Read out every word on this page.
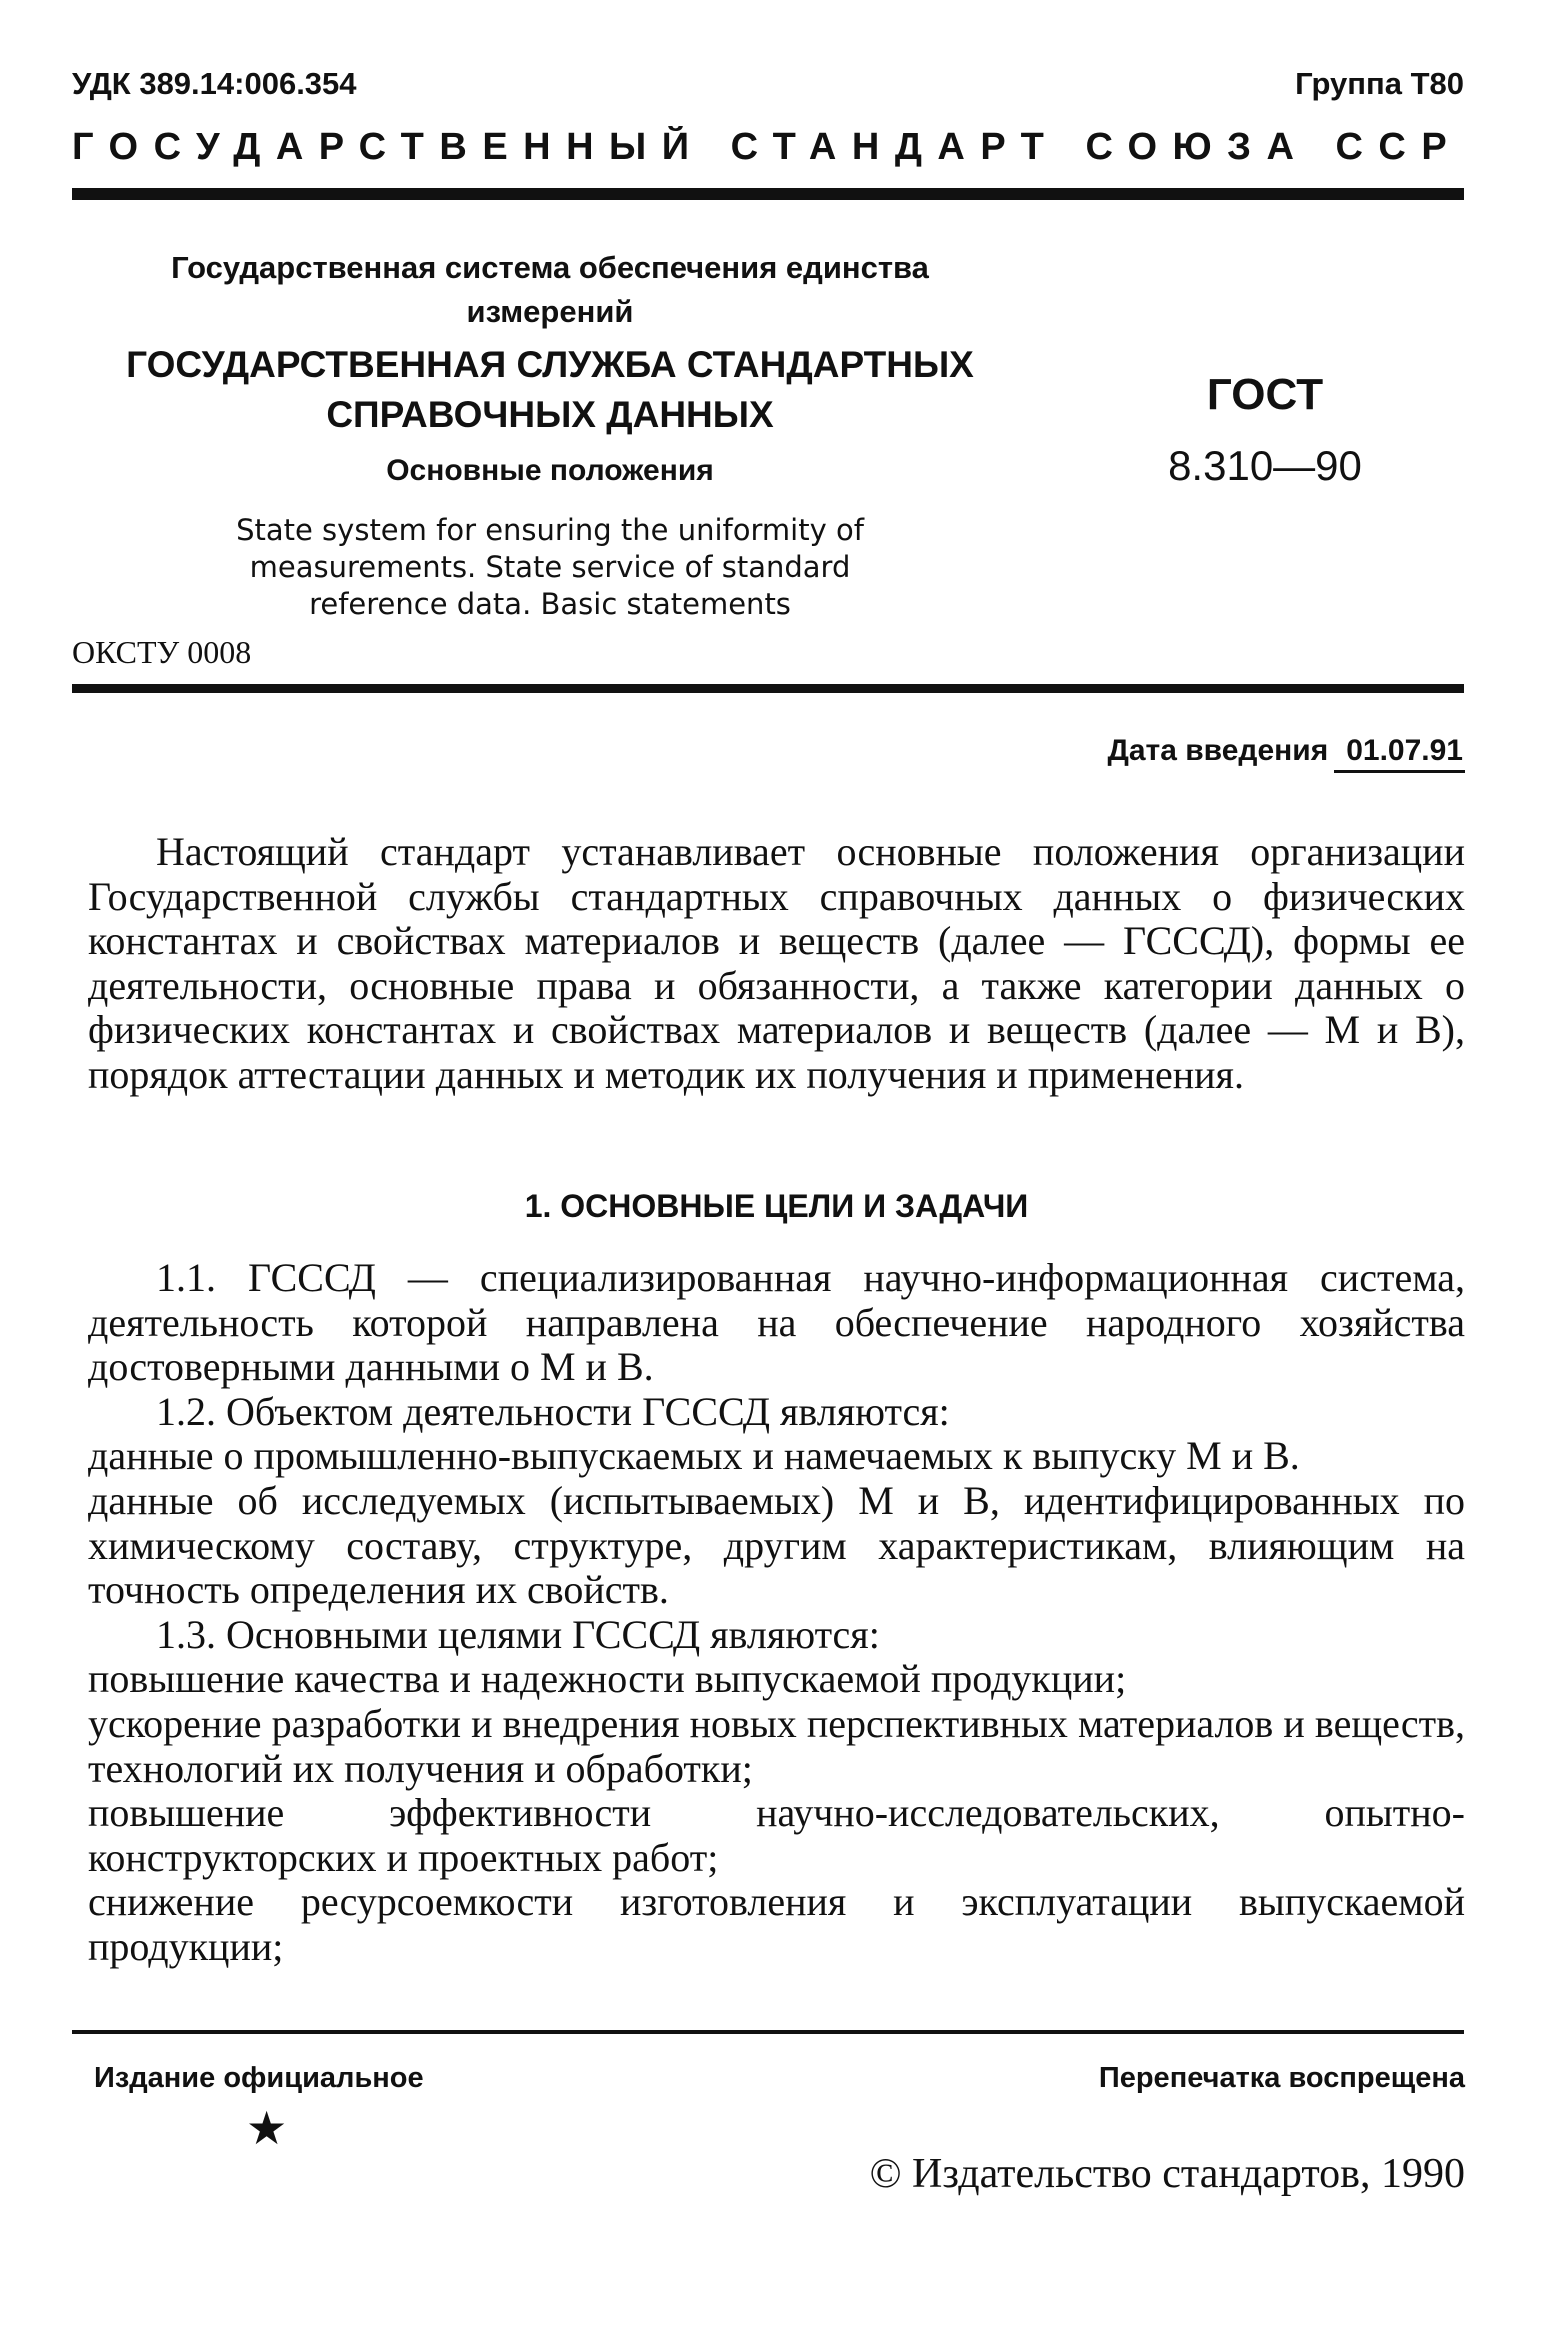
УДК 389.14:006.354	Группа Т80
ГОСУДАРСТВЕННЫЙ СТАНДАРТ СОЮЗА ССР
Государственная система обеспечения единства
измерений
ГОСУДАРСТВЕННАЯ СЛУЖБА СТАНДАРТНЫХ
СПРАВОЧНЫХ ДАННЫХ
Основные положения
State system for ensuring the uniformity of
measurements. State service of standard
reference data. Basic statements
ГОСТ
8.310—90
ОКСТУ 0008
Дата введения 01.07.91

Настоящий стандарт устанавливает основные положения организации Государственной службы стандартных справочных данных о физических константах и свойствах материалов и веществ (далее — ГСССД), формы ее деятельности, основные права и обязанности, а также категории данных о физических константах и свойствах материалов и веществ (далее — М и В), порядок аттестации данных и методик их получения и применения.

1. ОСНОВНЫЕ ЦЕЛИ И ЗАДАЧИ

1.1. ГСССД — специализированная научно-информационная система, деятельность которой направлена на обеспечение народного хозяйства достоверными данными о М и В.

1.2. Объектом деятельности ГСССД являются:

данные о промышленно-выпускаемых и намечаемых к выпуску М и В.

данные об исследуемых (испытываемых) М и В, идентифицированных по химическому составу, структуре, другим характеристикам, влияющим на точность определения их свойств.

1.3. Основными целями ГСССД являются:

повышение качества и надежности выпускаемой продукции;

ускорение разработки и внедрения новых перспективных материалов и веществ, технологий их получения и обработки;

повышение эффективности научно-исследовательских, опытно-конструкторских и проектных работ;

снижение ресурсоемкости изготовления и эксплуатации выпускаемой продукции;

Издание официальное	Перепечатка воспрещена
★
© Издательство стандартов, 1990
